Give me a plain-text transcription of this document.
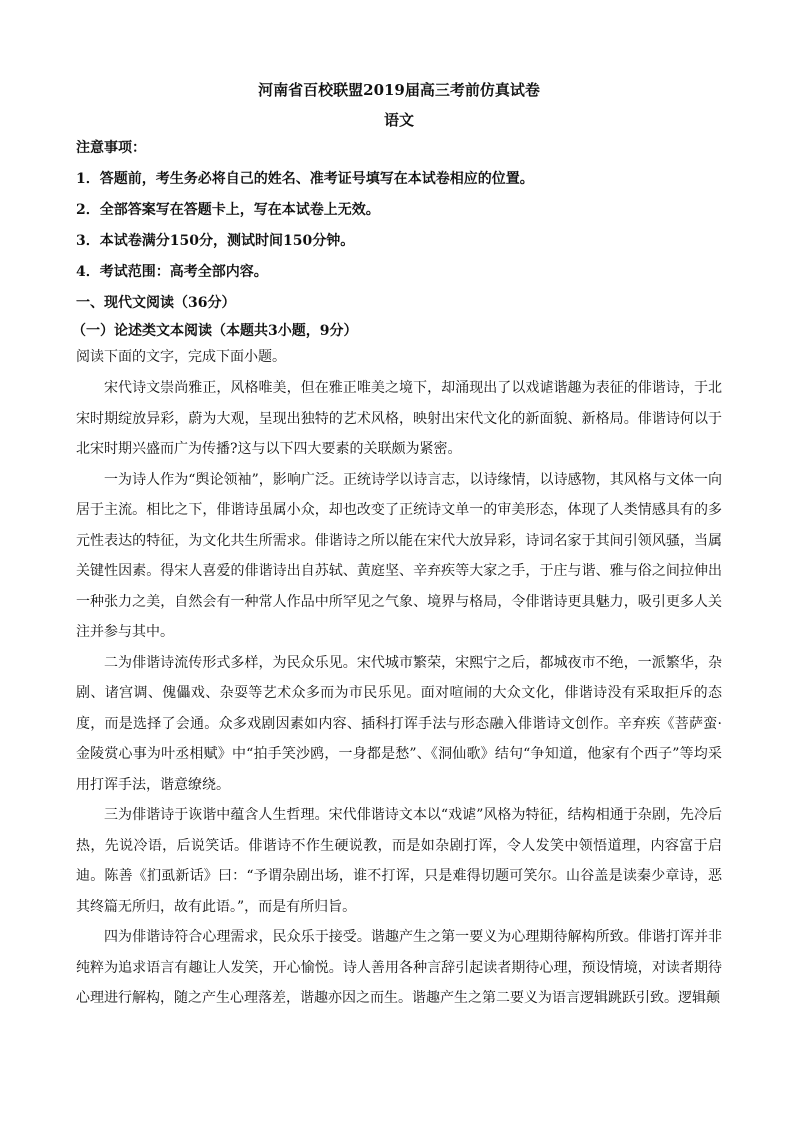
河南省百校联盟2019届高三考前仿真试卷
语文
注意事项：
1．答题前，考生务必将自己的姓名、准考证号填写在本试卷相应的位置。
2．全部答案写在答题卡上，写在本试卷上无效。
3．本试卷满分150分，测试时间150分钟。
4．考试范围：高考全部内容。
一、现代文阅读（36分）
（一）论述类文本阅读（本题共3小题，9分）
阅读下面的文字，完成下面小题。

宋代诗文崇尚雅正，风格唯美，但在雅正唯美之境下，却涌现出了以戏谑谐趣为表征的俳谐诗，于北宋时期绽放异彩，蔚为大观，呈现出独特的艺术风格，映射出宋代文化的新面貌、新格局。俳谐诗何以于北宋时期兴盛而广为传播?这与以下四大要素的关联颇为紧密。

一为诗人作为“舆论领袖”，影响广泛。正统诗学以诗言志，以诗缘情，以诗感物，其风格与文体一向居于主流。相比之下，俳谐诗虽属小众，却也改变了正统诗文单一的审美形态，体现了人类情感具有的多元性表达的特征，为文化共生所需求。俳谐诗之所以能在宋代大放异彩，诗词名家于其间引领风骚，当属关键性因素。得宋人喜爱的俳谐诗出自苏轼、黄庭坚、辛弃疾等大家之手，于庄与谐、雅与俗之间拉伸出一种张力之美，自然会有一种常人作品中所罕见之气象、境界与格局，令俳谐诗更具魅力，吸引更多人关注并参与其中。

二为俳谐诗流传形式多样，为民众乐见。宋代城市繁荣，宋熙宁之后，都城夜市不绝，一派繁华，杂剧、诸宫调、傀儡戏、杂耍等艺术众多而为市民乐见。面对喧闹的大众文化，俳谐诗没有采取拒斥的态度，而是选择了会通。众多戏剧因素如内容、插科打诨手法与形态融入俳谐诗文创作。辛弃疾《菩萨蛮·金陵赏心事为叶丞相赋》中“拍手笑沙鸥，一身都是愁”、《洞仙歌》结句“争知道，他家有个西子”等均采用打诨手法，谐意缭绕。

三为俳谐诗于诙谐中蕴含人生哲理。宋代俳谐诗文本以“戏谑”风格为特征，结构相通于杂剧，先冷后热，先说冷语，后说笑话。俳谐诗不作生硬说教，而是如杂剧打诨，令人发笑中领悟道理，内容富于启迪。陈善《扪虱新话》曰：“予谓杂剧出场，谁不打诨，只是难得切题可笑尔。山谷盖是读秦少章诗，恶其终篇无所归，故有此语。”，而是有所归旨。

四为俳谐诗符合心理需求，民众乐于接受。谐趣产生之第一要义为心理期待解构所致。俳谐打诨并非纯粹为追求语言有趣让人发笑，开心愉悦。诗人善用各种言辞引起读者期待心理，预设情境，对读者期待心理进行解构，随之产生心理落差，谐趣亦因之而生。谐趣产生之第二要义为语言逻辑跳跃引致。逻辑颠
